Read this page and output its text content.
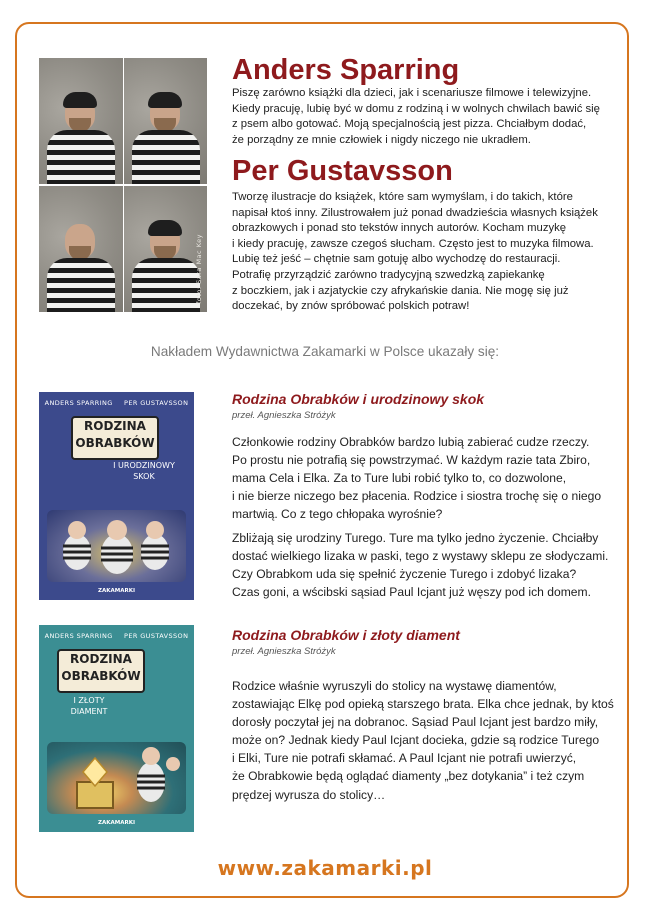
foto: Sara Mac Key
Anders Sparring
Piszę zarówno książki dla dzieci, jak i scenariusze filmowe i telewizyjne.
Kiedy pracuję, lubię być w domu z rodziną i w wolnych chwilach bawić się
z psem albo gotować. Moją specjalnością jest pizza. Chciałbym dodać,
że porządny ze mnie człowiek i nigdy niczego nie ukradłem.
Per Gustavsson
Tworzę ilustracje do książek, które sam wymyślam, i do takich, które
napisał ktoś inny. Zilustrowałem już ponad dwadzieścia własnych książek
obrazkowych i ponad sto tekstów innych autorów. Kocham muzykę
i kiedy pracuję, zawsze czegoś słucham. Często jest to muzyka filmowa.
Lubię też jeść – chętnie sam gotuję albo wychodzę do restauracji.
Potrafię przyrządzić zarówno tradycyjną szwedzką zapiekankę
z boczkiem, jak i azjatyckie czy afrykańskie dania. Nie mogę się już
doczekać, by znów spróbować polskich potraw!

Nakładem Wydawnictwa Zakamarki w Polsce ukazały się:

ANDERS SPARRING PER GUSTAVSSON
RODZINA
OBRABKÓW
I URODZINOWY SKOK
ZAKAMARKI
Rodzina Obrabków i urodzinowy skok

przeł. Agnieszka Stróżyk

Członkowie rodziny Obrabków bardzo lubią zabierać cudze rzeczy.
Po prostu nie potrafią się powstrzymać. W każdym razie tata Zbiro,
mama Cela i Elka. Za to Ture lubi robić tylko to, co dozwolone,
i nie bierze niczego bez płacenia. Rodzice i siostra trochę się o niego
martwią. Co z tego chłopaka wyrośnie?
Zbliżają się urodziny Turego. Ture ma tylko jedno życzenie. Chciałby
dostać wielkiego lizaka w paski, tego z wystawy sklepu ze słodyczami.
Czy Obrabkom uda się spełnić życzenie Turego i zdobyć lizaka?
Czas goni, a wścibski sąsiad Paul Icjant już węszy pod ich domem.
ANDERS SPARRING PER GUSTAVSSON
RODZINA
OBRABKÓW
I ZŁOTY DIAMENT
ZAKAMARKI
Rodzina Obrabków i złoty diament

przeł. Agnieszka Stróżyk

Rodzice właśnie wyruszyli do stolicy na wystawę diamentów,
zostawiając Elkę pod opieką starszego brata. Elka chce jednak, by ktoś
dorosły poczytał jej na dobranoc. Sąsiad Paul Icjant jest bardzo miły,
może on? Jednak kiedy Paul Icjant docieka, gdzie są rodzice Turego
i Elki, Ture nie potrafi skłamać. A Paul Icjant nie potrafi uwierzyć,
że Obrabkowie będą oglądać diamenty „bez dotykania” i też czym
prędzej wyrusza do stolicy…

www.zakamarki.pl
